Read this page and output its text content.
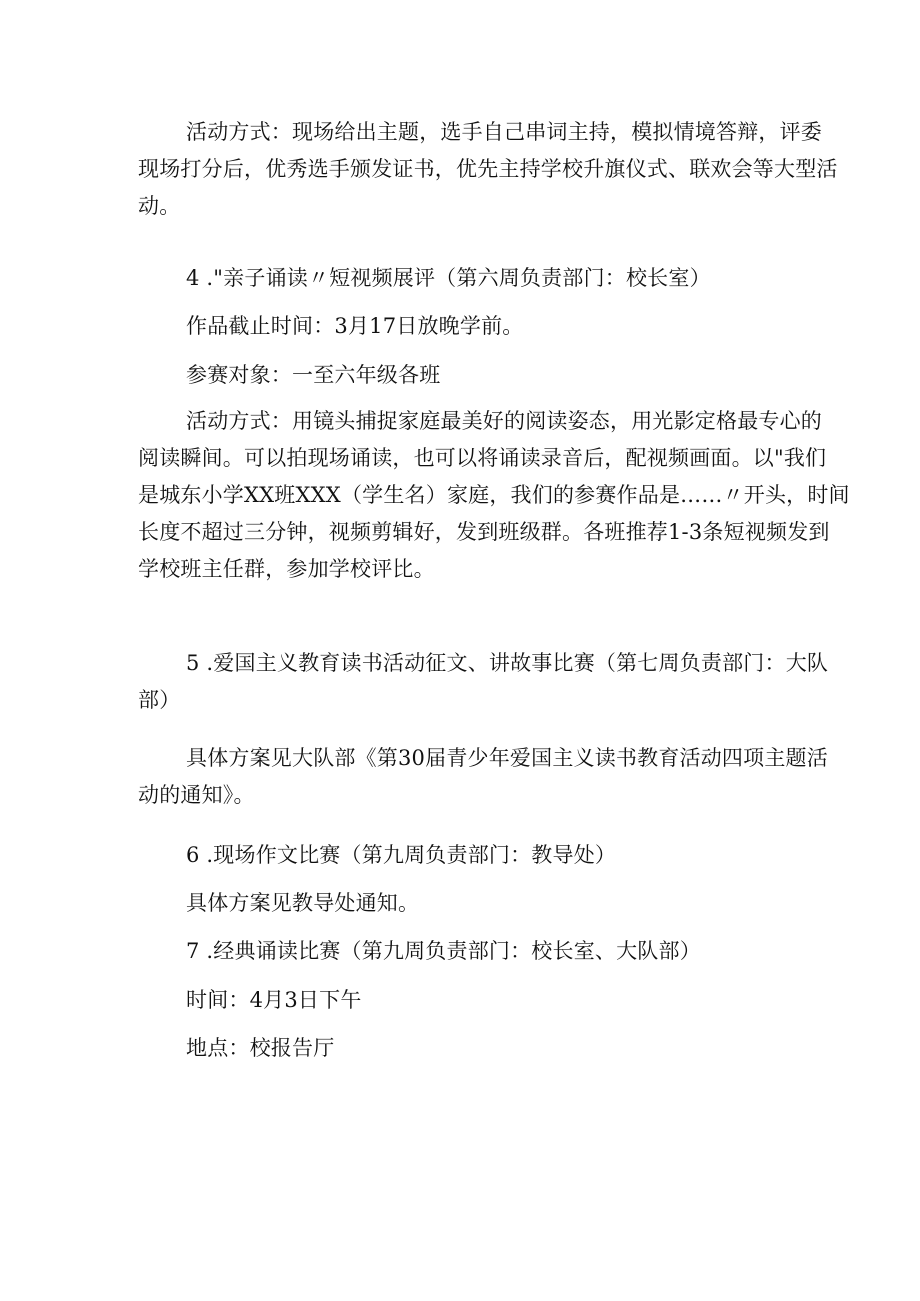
活动方式：现场给出主题，选手自己串词主持，模拟情境答辩，评委
现场打分后，优秀选手颁发证书，优先主持学校升旗仪式、联欢会等大型活
动。

4 ."亲子诵读〃短视频展评（第六周负责部门：校长室）

作品截止时间：3月17日放晚学前。

参赛对象：一至六年级各班

活动方式：用镜头捕捉家庭最美好的阅读姿态，用光影定格最专心的
阅读瞬间。可以拍现场诵读，也可以将诵读录音后，配视频画面。以"我们
是城东小学XX班XXX（学生名）家庭，我们的参赛作品是……〃开头，时间
长度不超过三分钟，视频剪辑好，发到班级群。各班推荐1-3条短视频发到
学校班主任群，参加学校评比。

5 .爱国主义教育读书活动征文、讲故事比赛（第七周负责部门：大队
部）

具体方案见大队部《第30届青少年爱国主义读书教育活动四项主题活
动的通知》。

6 .现场作文比赛（第九周负责部门：教导处）

具体方案见教导处通知。

7 .经典诵读比赛（第九周负责部门：校长室、大队部）

时间：4月3日下午

地点：校报告厅
